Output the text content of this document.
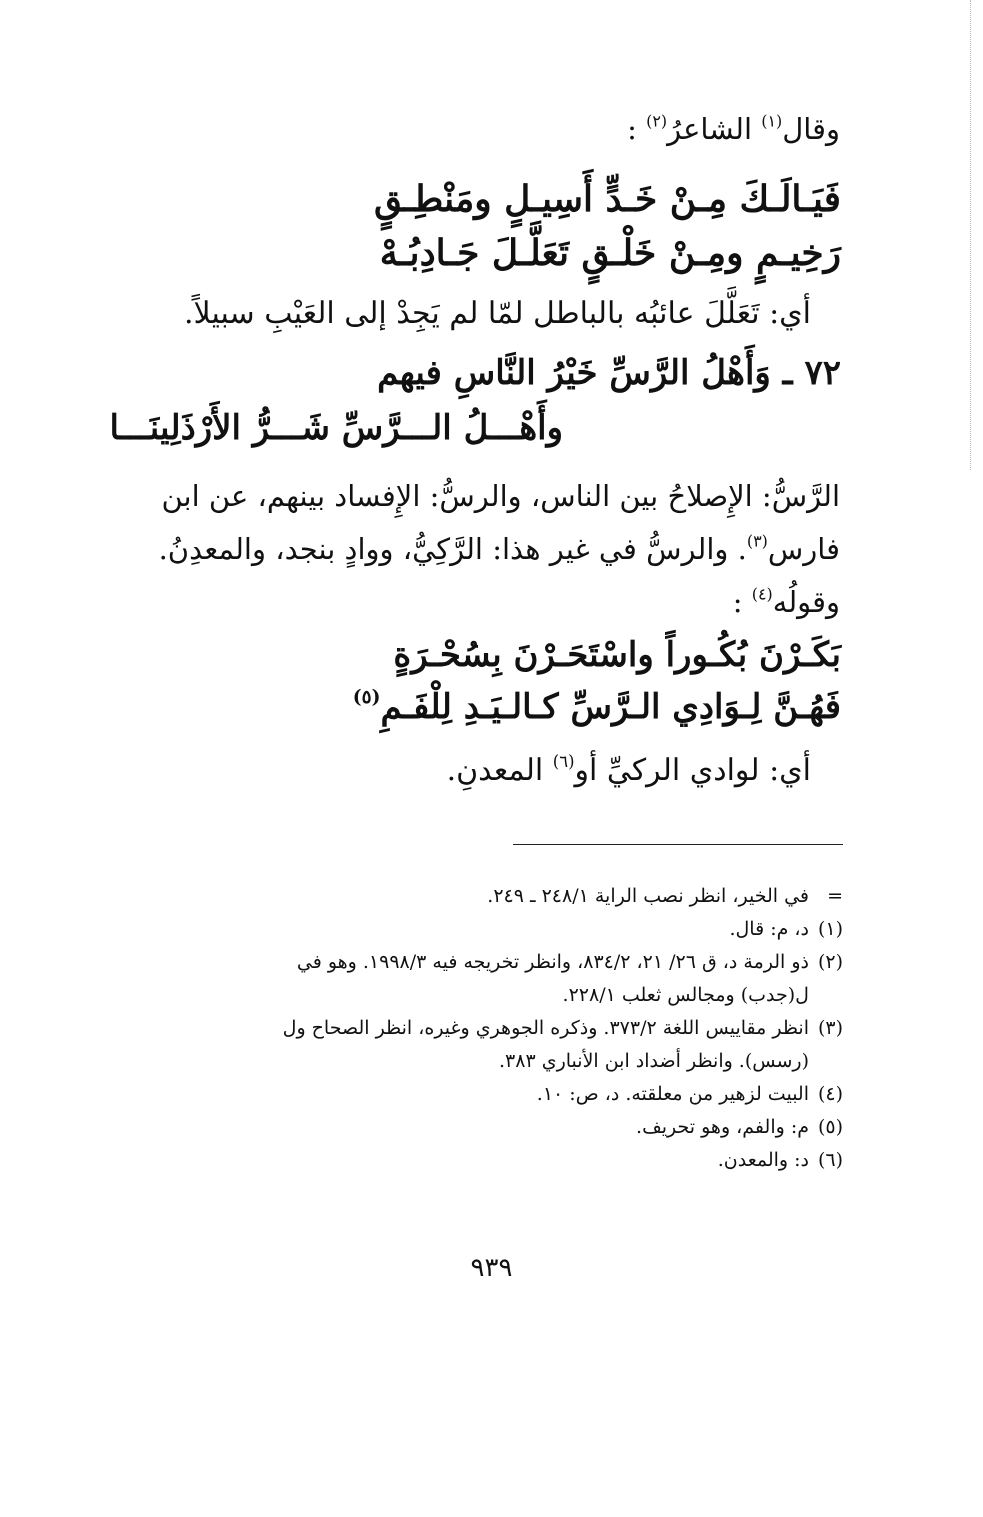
وقال$^{(١)}$ الشاعرُ$^{(٢)}$ :
فَيَـالَـكَ مِـنْ خَـدٍّ أَسِيـلٍ ومَنْطِـقٍ
رَخِيـمٍ ومِـنْ خَلْـقٍ تَعَلَّـلَ جَـادِبُـهْ
أي: تَعَلَّلَ عائبُه بالباطل لمّا لم يَجِدْ إلى العَيْبِ سبيلاً.
٧٢ ـ وَأَهْلُ الرَّسِّ خَيْرُ النَّاسِ فيهم
وأَهْـــلُ الـــرَّسِّ شَـــرُّ الأَرْذَلِينَـــا
الرَّسُّ: الإِصلاحُ بين الناس، والرسُّ: الإِفساد بينهم، عن ابن
فارس$^{(٣)}$. والرسُّ في غير هذا: الرَّكِيُّ، ووادٍ بنجد، والمعدِنُ.
وقولُه$^{(٤)}$ :
بَكَـرْنَ بُكُـوراً واسْتَحَـرْنَ بِسُحْـرَةٍ
فَهُـنَّ لِـوَادِي الـرَّسِّ كـالـيَـدِ لِلْفَـمِ$^{(٥)}$
أي: لوادي الركيِّ أو$^{(٦)}$ المعدنِ.
=
في الخير، انظر نصب الراية ٢٤٨/١ ـ ٢٤٩.
(١)
د، م: قال.
(٢)
ذو الرمة د، ق ٢٦/ ٢١، ٨٣٤/٢، وانظر تخريجه فيه ١٩٩٨/٣. وهو في
ل(جدب) ومجالس ثعلب ٢٢٨/١.
(٣)
انظر مقاييس اللغة ٣٧٣/٢. وذكره الجوهري وغيره، انظر الصحاح ول
(رسس). وانظر أضداد ابن الأنباري ٣٨٣.
(٤)
البيت لزهير من معلقته. د، ص: ١٠.
(٥)
م: والفم، وهو تحريف.
(٦)
د: والمعدن.
٩٣٩
